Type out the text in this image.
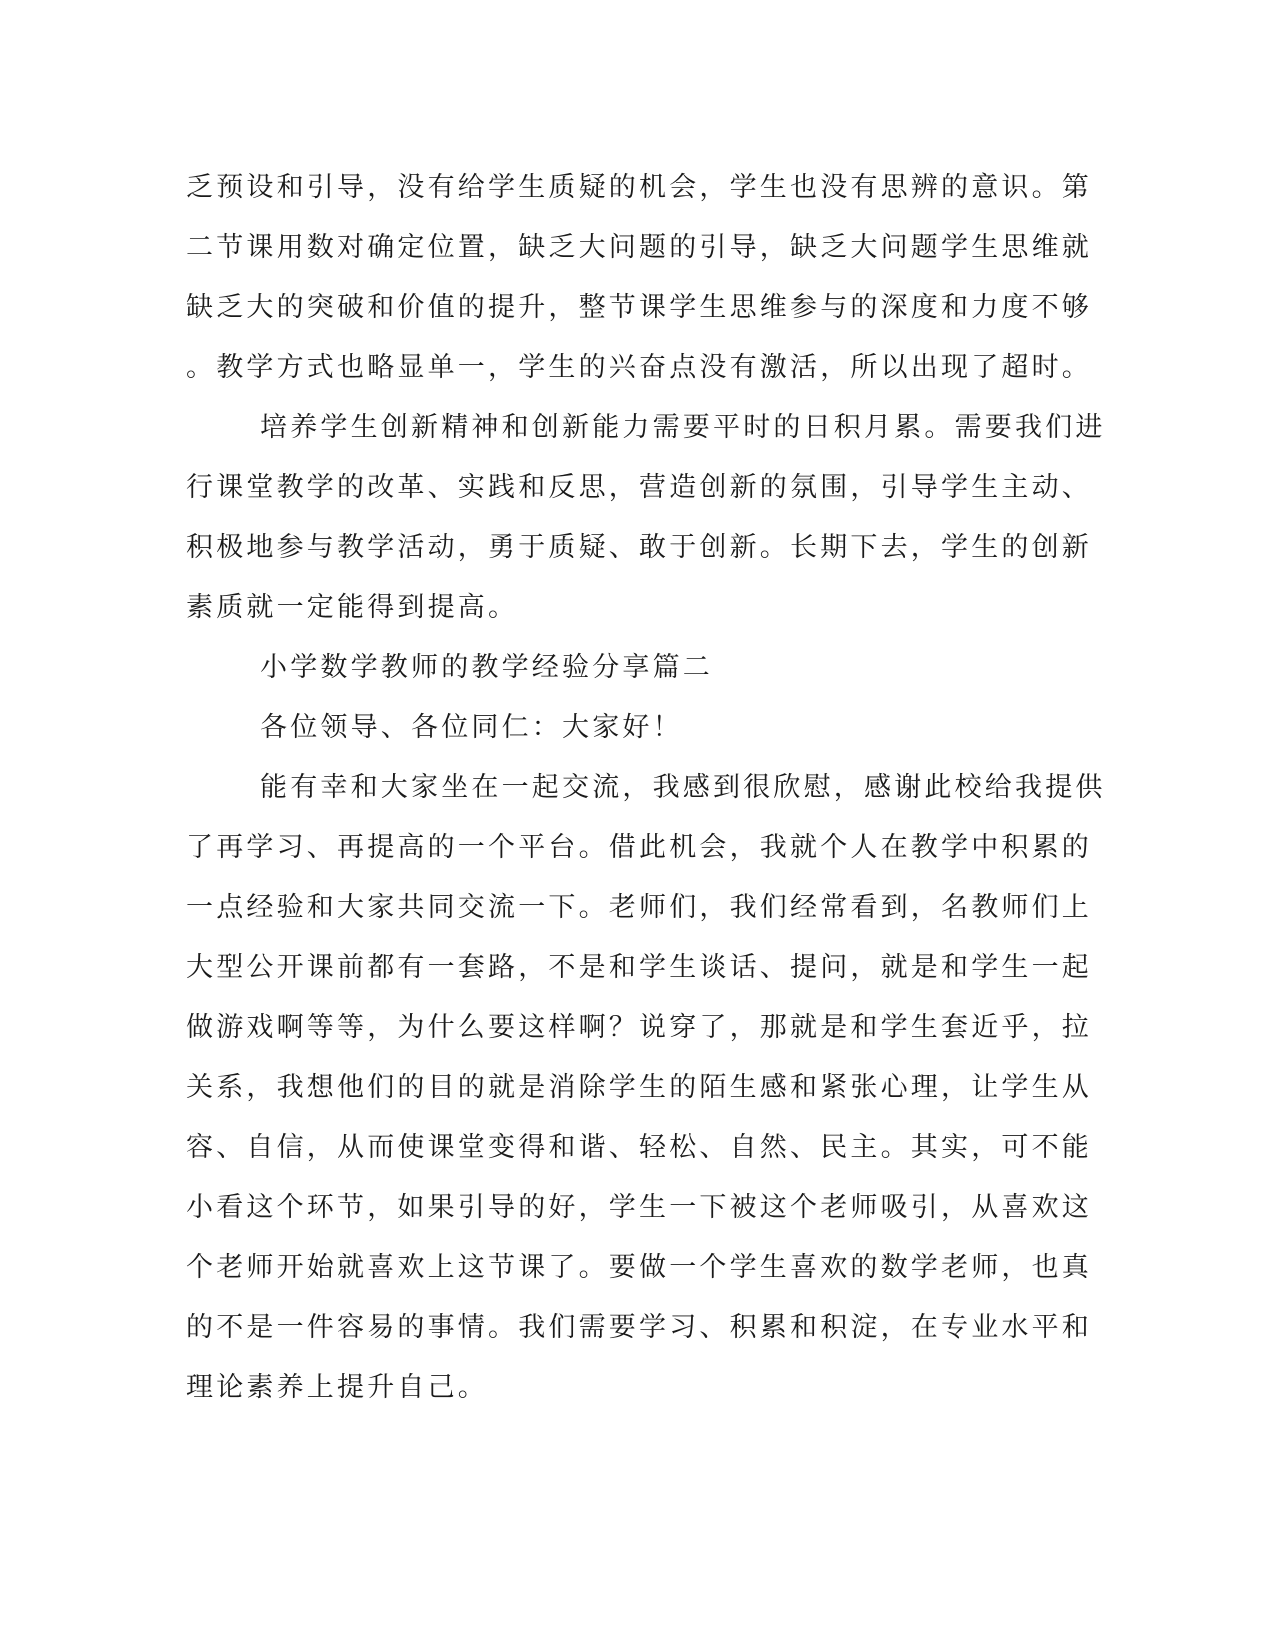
乏预设和引导，没有给学生质疑的机会，学生也没有思辨的意识。第
二节课用数对确定位置，缺乏大问题的引导，缺乏大问题学生思维就
缺乏大的突破和价值的提升，整节课学生思维参与的深度和力度不够
。教学方式也略显单一，学生的兴奋点没有激活，所以出现了超时。
培养学生创新精神和创新能力需要平时的日积月累。需要我们进
行课堂教学的改革、实践和反思，营造创新的氛围，引导学生主动、
积极地参与教学活动，勇于质疑、敢于创新。长期下去，学生的创新
素质就一定能得到提高。
小学数学教师的教学经验分享篇二
各位领导、各位同仁：大家好！
能有幸和大家坐在一起交流，我感到很欣慰，感谢此校给我提供
了再学习、再提高的一个平台。借此机会，我就个人在教学中积累的
一点经验和大家共同交流一下。老师们，我们经常看到，名教师们上
大型公开课前都有一套路，不是和学生谈话、提问，就是和学生一起
做游戏啊等等，为什么要这样啊？说穿了，那就是和学生套近乎，拉
关系，我想他们的目的就是消除学生的陌生感和紧张心理，让学生从
容、自信，从而使课堂变得和谐、轻松、自然、民主。其实，可不能
小看这个环节，如果引导的好，学生一下被这个老师吸引，从喜欢这
个老师开始就喜欢上这节课了。要做一个学生喜欢的数学老师，也真
的不是一件容易的事情。我们需要学习、积累和积淀，在专业水平和
理论素养上提升自己。
